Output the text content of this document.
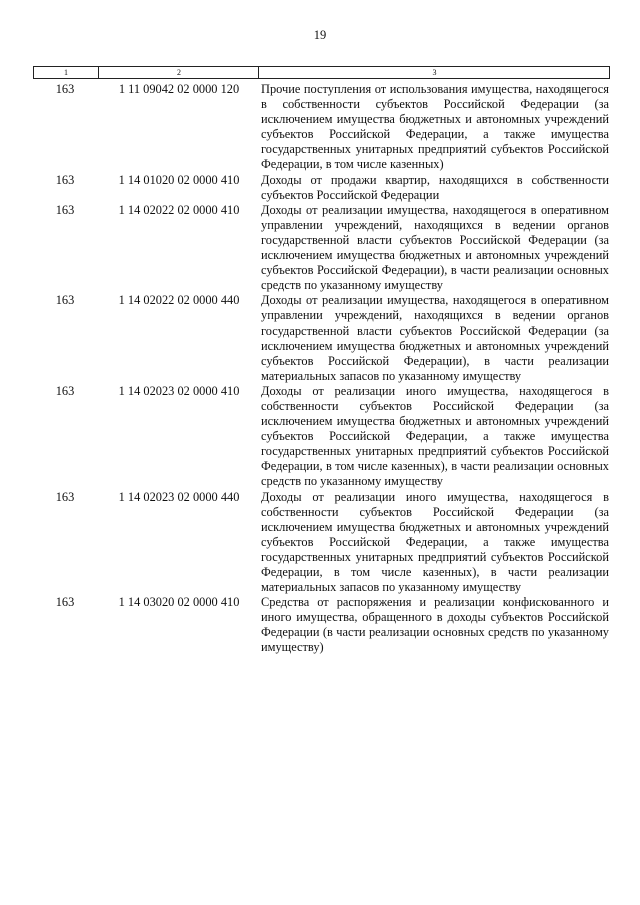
19
1	2	3
163	1 11 09042 02 0000 120	Прочие поступления от использования имущества, находящегося в собственности субъектов Российской Федерации (за исключением имущества бюджетных и автономных учреждений субъектов Российской Федерации, а также имущества государственных унитарных предприятий субъектов Российской Федерации, в том числе казенных)
163	1 14 01020 02 0000 410	Доходы от продажи квартир, находящихся в собственности субъектов Российской Федерации
163	1 14 02022 02 0000 410	Доходы от реализации имущества, находящегося в оперативном управлении учреждений, находящихся в ведении органов государственной власти субъектов Российской Федерации (за исключением имущества бюджетных и автономных учреждений субъектов Российской Федерации), в части реализации основных средств по указанному имуществу
163	1 14 02022 02 0000 440	Доходы от реализации имущества, находящегося в оперативном управлении учреждений, находящихся в ведении органов государственной власти субъектов Российской Федерации (за исключением имущества бюджетных и автономных учреждений субъектов Российской Федерации), в части реализации материальных запасов по указанному имуществу
163	1 14 02023 02 0000 410	Доходы от реализации иного имущества, находящегося в собственности субъектов Российской Федерации (за исключением имущества бюджетных и автономных учреждений субъектов Российской Федерации, а также имущества государственных унитарных предприятий субъектов Российской Федерации, в том числе казенных), в части реализации основных средств по указанному имуществу
163	1 14 02023 02 0000 440	Доходы от реализации иного имущества, находящегося в собственности субъектов Российской Федерации (за исключением имущества бюджетных и автономных учреждений субъектов Российской Федерации, а также имущества государственных унитарных предприятий субъектов Российской Федерации, в том числе казенных), в части реализации материальных запасов по указанному имуществу
163	1 14 03020 02 0000 410	Средства от распоряжения и реализации конфискованного и иного имущества, обращенного в доходы субъектов Российской Федерации (в части реализации основных средств по указанному имуществу)
